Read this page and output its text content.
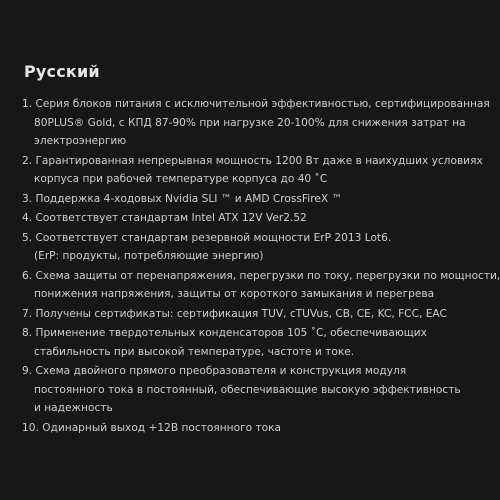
Русский
1. Серия блоков питания с исключительной эффективностью, сертифицированная
80PLUS® Gold, с КПД 87-90% при нагрузке 20-100% для снижения затрат на
электроэнергию
2. Гарантированная непрерывная мощность 1200 Вт даже в наихудших условиях
корпуса при рабочей температуре корпуса до 40 ˚C
3. Поддержка 4-ходовых Nvidia SLI ™ и AMD CrossFireX ™
4. Соответствует стандартам Intel ATX 12V Ver2.52
5. Соответствует стандартам резервной мощности ErP 2013 Lot6.
(ErP: продукты, потребляющие энергию)
6. Схема защиты от перенапряжения, перегрузки по току, перегрузки по мощности,
понижения напряжения, защиты от короткого замыкания и перегрева
7. Получены сертификаты: сертификация TUV, cTUVus, CB, CE, KC, FCC, EAC
8. Применение твердотельных конденсаторов 105 ˚C, обеспечивающих
стабильность при высокой температуре, частоте и токе.
9. Схема двойного прямого преобразователя и конструкция модуля
постоянного тока в постоянный, обеспечивающие высокую эффективность
и надежность
10. Одинарный выход +12В постоянного тока
